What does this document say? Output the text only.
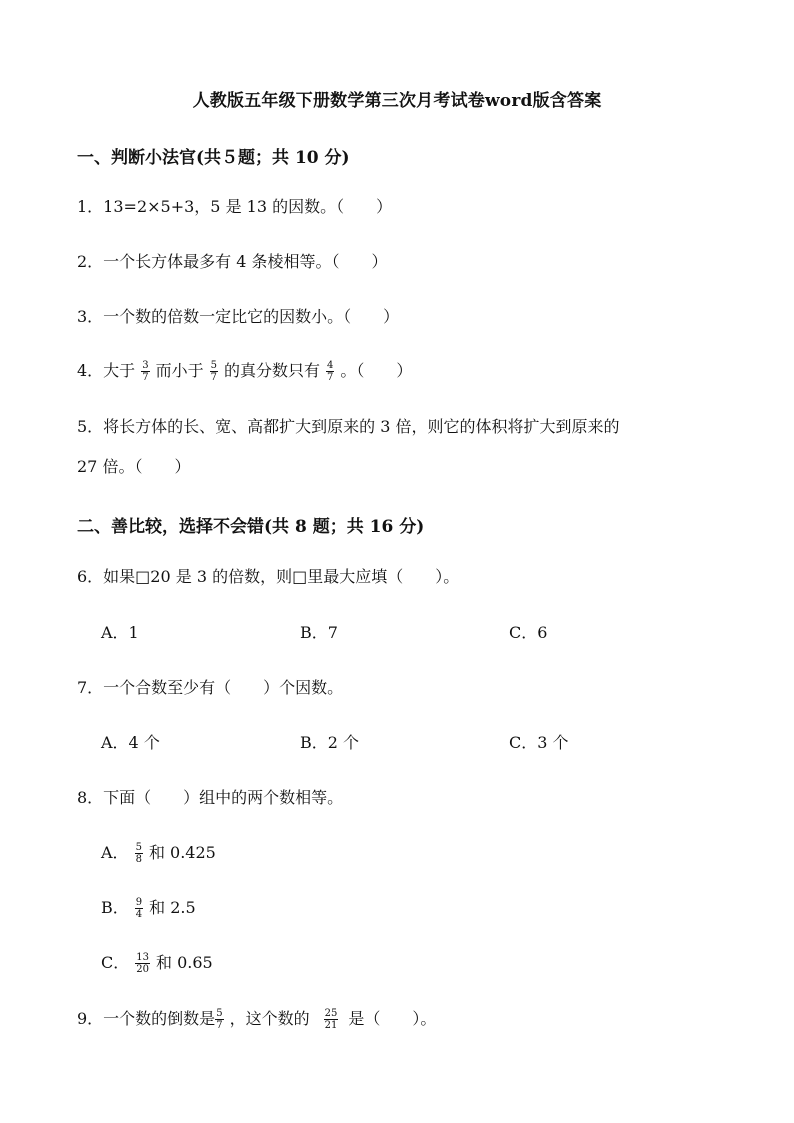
人教版五年级下册数学第三次月考试卷word版含答案
一、判断小法官(共５题；共 10 分)
1．13=2×5+3，5 是 13 的因数。（　　）
2．一个长方体最多有 4 条棱相等。（　　）
3．一个数的倍数一定比它的因数小。（　　）
4．大于 $\frac{3}{7}$ 而小于 $\frac{5}{7}$ 的真分数只有 $\frac{4}{7}$ 。（　　）
5．将长方体的长、宽、高都扩大到原来的 3 倍，则它的体积将扩大到原来的
27 倍。（　　）
二、善比较，选择不会错(共 8 题；共 16 分)
6．如果□20 是 3 的倍数，则□里最大应填（　　）。
A．1	B．7	C．6
7．一个合数至少有（　　）个因数。
A．4 个	B．2 个	C．3 个
8．下面（　　）组中的两个数相等。
A． $\frac{5}{8}$ 和 0.425
B． $\frac{9}{4}$ 和 2.5
C． $\frac{13}{20}$ 和 0.65
9．一个数的倒数是 $\frac{5}{7}$ ，这个数的 $\frac{25}{21}$ 是（　　）。
